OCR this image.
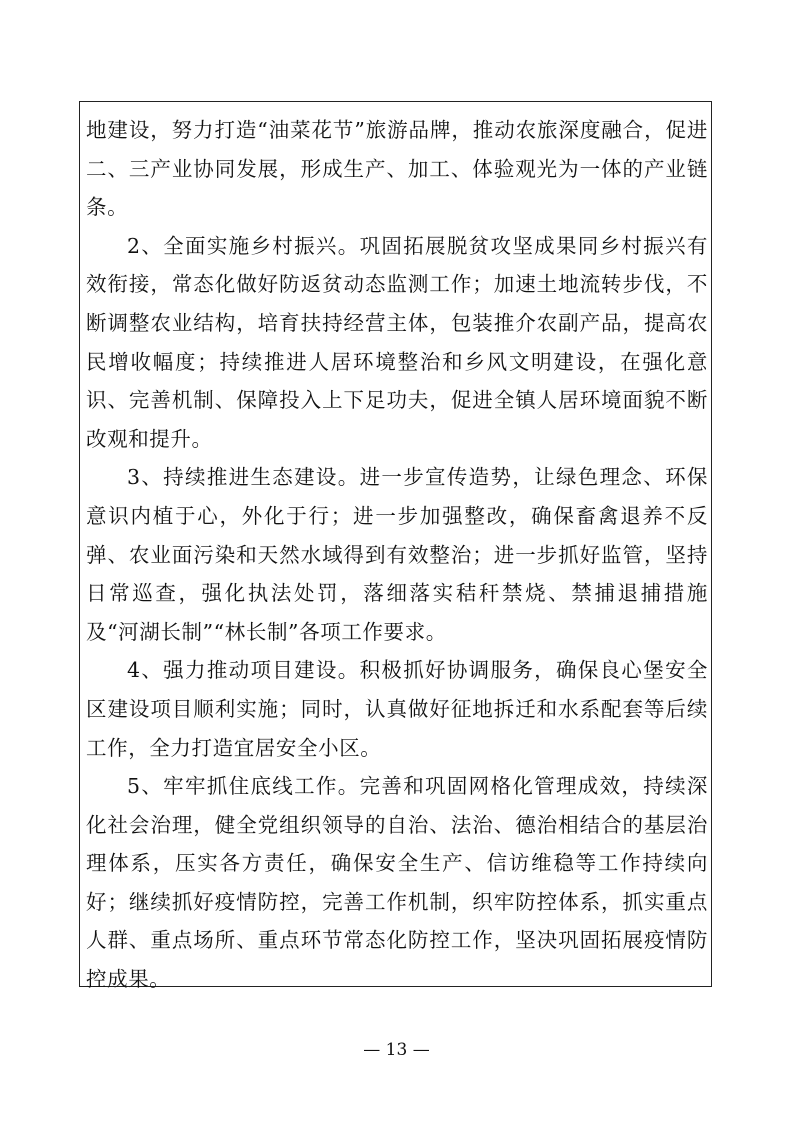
地建设，努力打造“油菜花节”旅游品牌，推动农旅深度融合，促进二、三产业协同发展，形成生产、加工、体验观光为一体的产业链条。

2、全面实施乡村振兴。巩固拓展脱贫攻坚成果同乡村振兴有效衔接，常态化做好防返贫动态监测工作；加速土地流转步伐，不断调整农业结构，培育扶持经营主体，包装推介农副产品，提高农民增收幅度；持续推进人居环境整治和乡风文明建设，在强化意识、完善机制、保障投入上下足功夫，促进全镇人居环境面貌不断改观和提升。

3、持续推进生态建设。进一步宣传造势，让绿色理念、环保意识内植于心，外化于行；进一步加强整改，确保畜禽退养不反弹、农业面污染和天然水域得到有效整治；进一步抓好监管，坚持日常巡查，强化执法处罚，落细落实秸秆禁烧、禁捕退捕措施及“河湖长制”“林长制”各项工作要求。

4、强力推动项目建设。积极抓好协调服务，确保良心堡安全区建设项目顺利实施；同时，认真做好征地拆迁和水系配套等后续工作，全力打造宜居安全小区。

5、牢牢抓住底线工作。完善和巩固网格化管理成效，持续深化社会治理，健全党组织领导的自治、法治、德治相结合的基层治理体系，压实各方责任，确保安全生产、信访维稳等工作持续向好；继续抓好疫情防控，完善工作机制，织牢防控体系，抓实重点人群、重点场所、重点环节常态化防控工作，坚决巩固拓展疫情防控成果。

— 13 —
